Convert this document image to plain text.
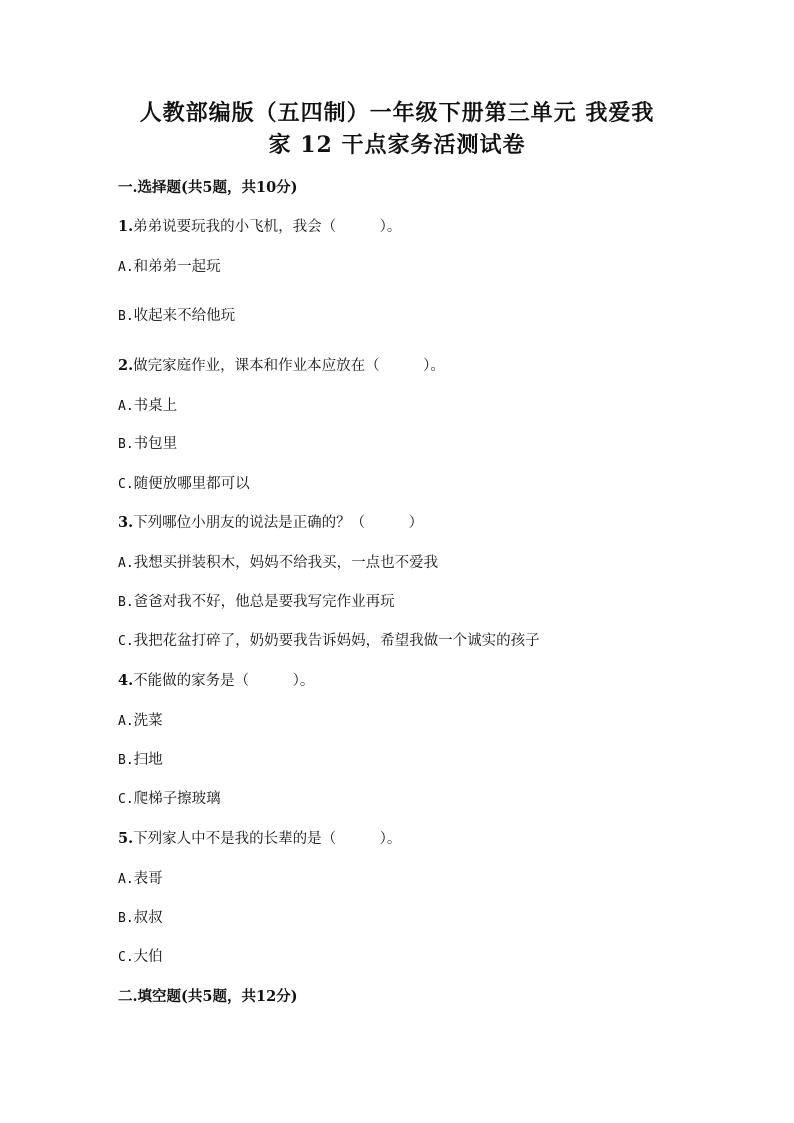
人教部编版（五四制）一年级下册第三单元 我爱我
家 12 干点家务活测试卷

一.选择题(共5题，共10分)

1.弟弟说要玩我的小飞机，我会（　　　）。

A.和弟弟一起玩

B.收起来不给他玩

2.做完家庭作业，课本和作业本应放在（　　　）。

A.书桌上

B.书包里

C.随便放哪里都可以

3.下列哪位小朋友的说法是正确的？（　　　）

A.我想买拼装积木，妈妈不给我买，一点也不爱我

B.爸爸对我不好，他总是要我写完作业再玩

C.我把花盆打碎了，奶奶要我告诉妈妈，希望我做一个诚实的孩子

4.不能做的家务是（　　　）。

A.洗菜

B.扫地

C.爬梯子擦玻璃

5.下列家人中不是我的长辈的是（　　　）。

A.表哥

B.叔叔

C.大伯

二.填空题(共5题，共12分)
